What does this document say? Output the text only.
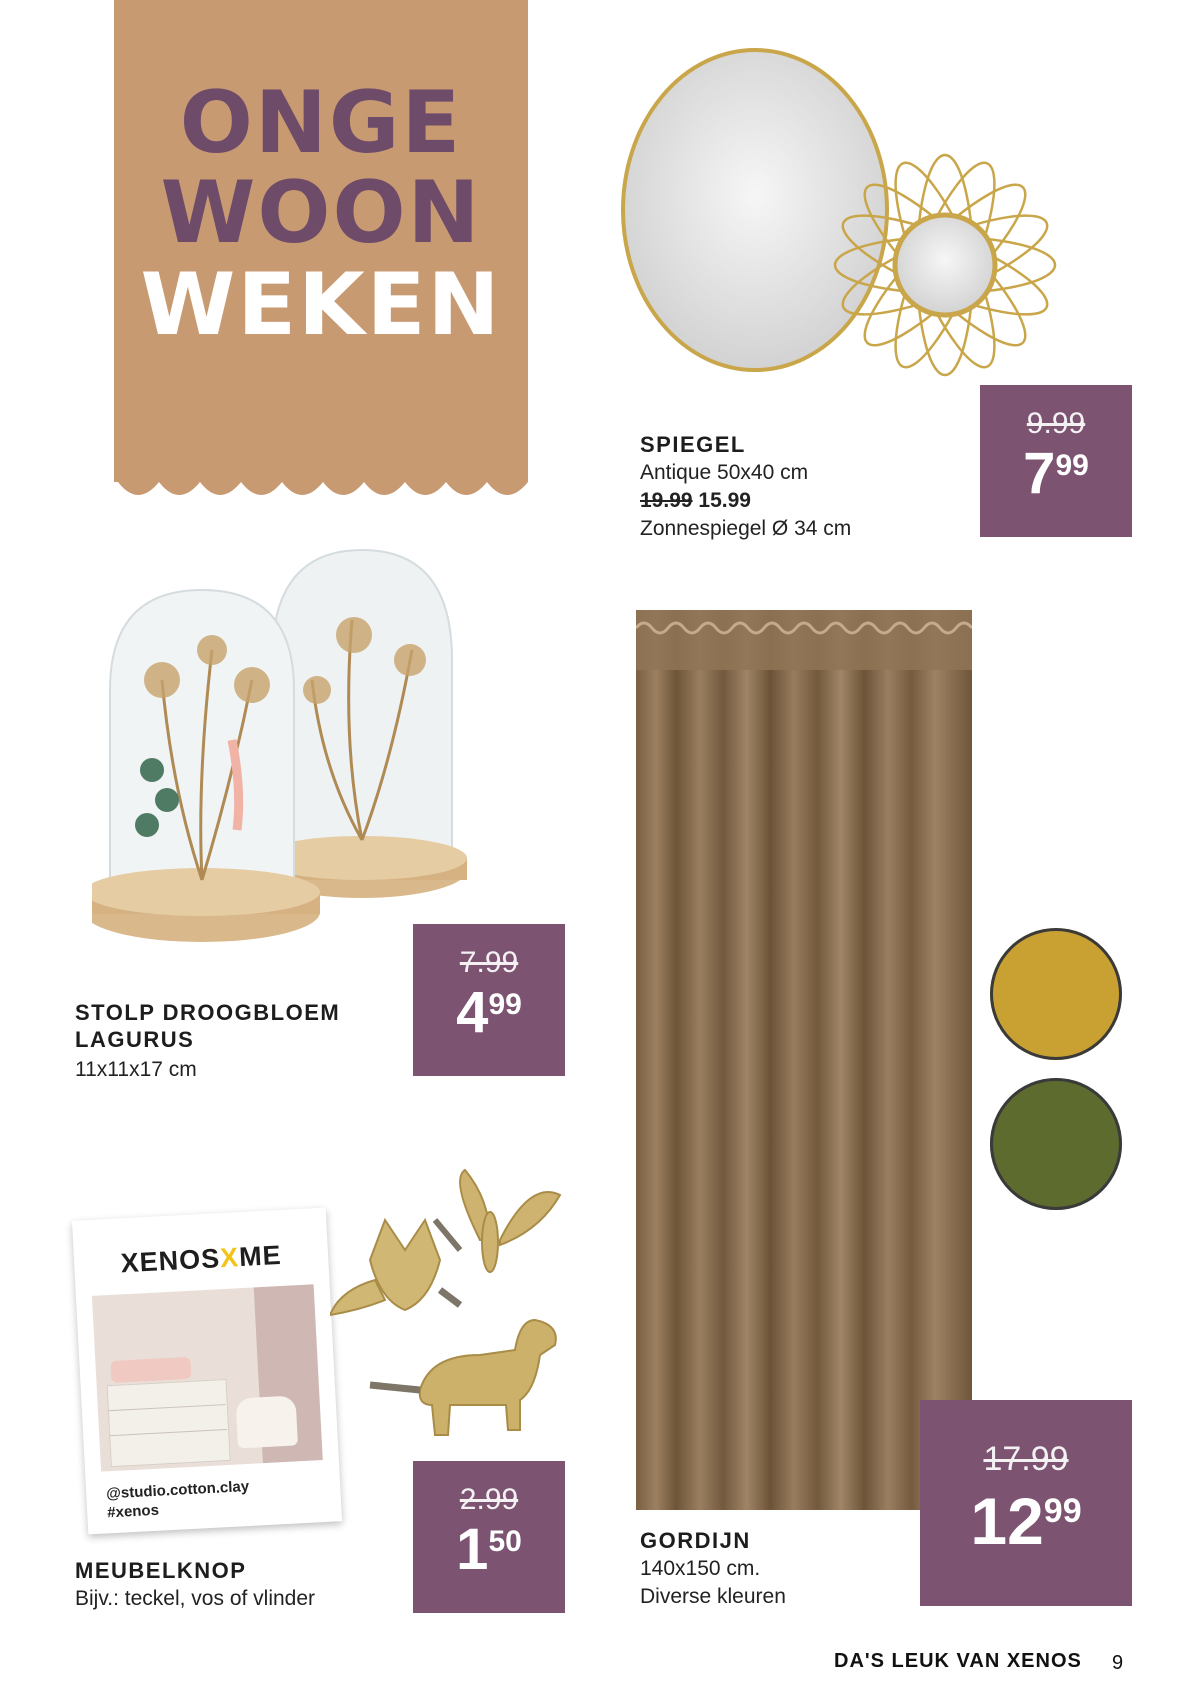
ONGE
WOON
WEKEN
SPIEGEL
Antique 50x40 cm
19.99 15.99
Zonnespiegel Ø 34 cm
9.99
799
STOLP DROOGBLOEM
LAGURUS
11x11x17 cm
7.99
499
GORDIJN
140x150 cm.
Diverse kleuren
17.99
1299
XENOSXME
@studio.cotton.clay
#xenos
MEUBELKNOP
Bijv.: teckel, vos of vlinder
2.99
150
DA'S LEUK VAN XENOS 9
